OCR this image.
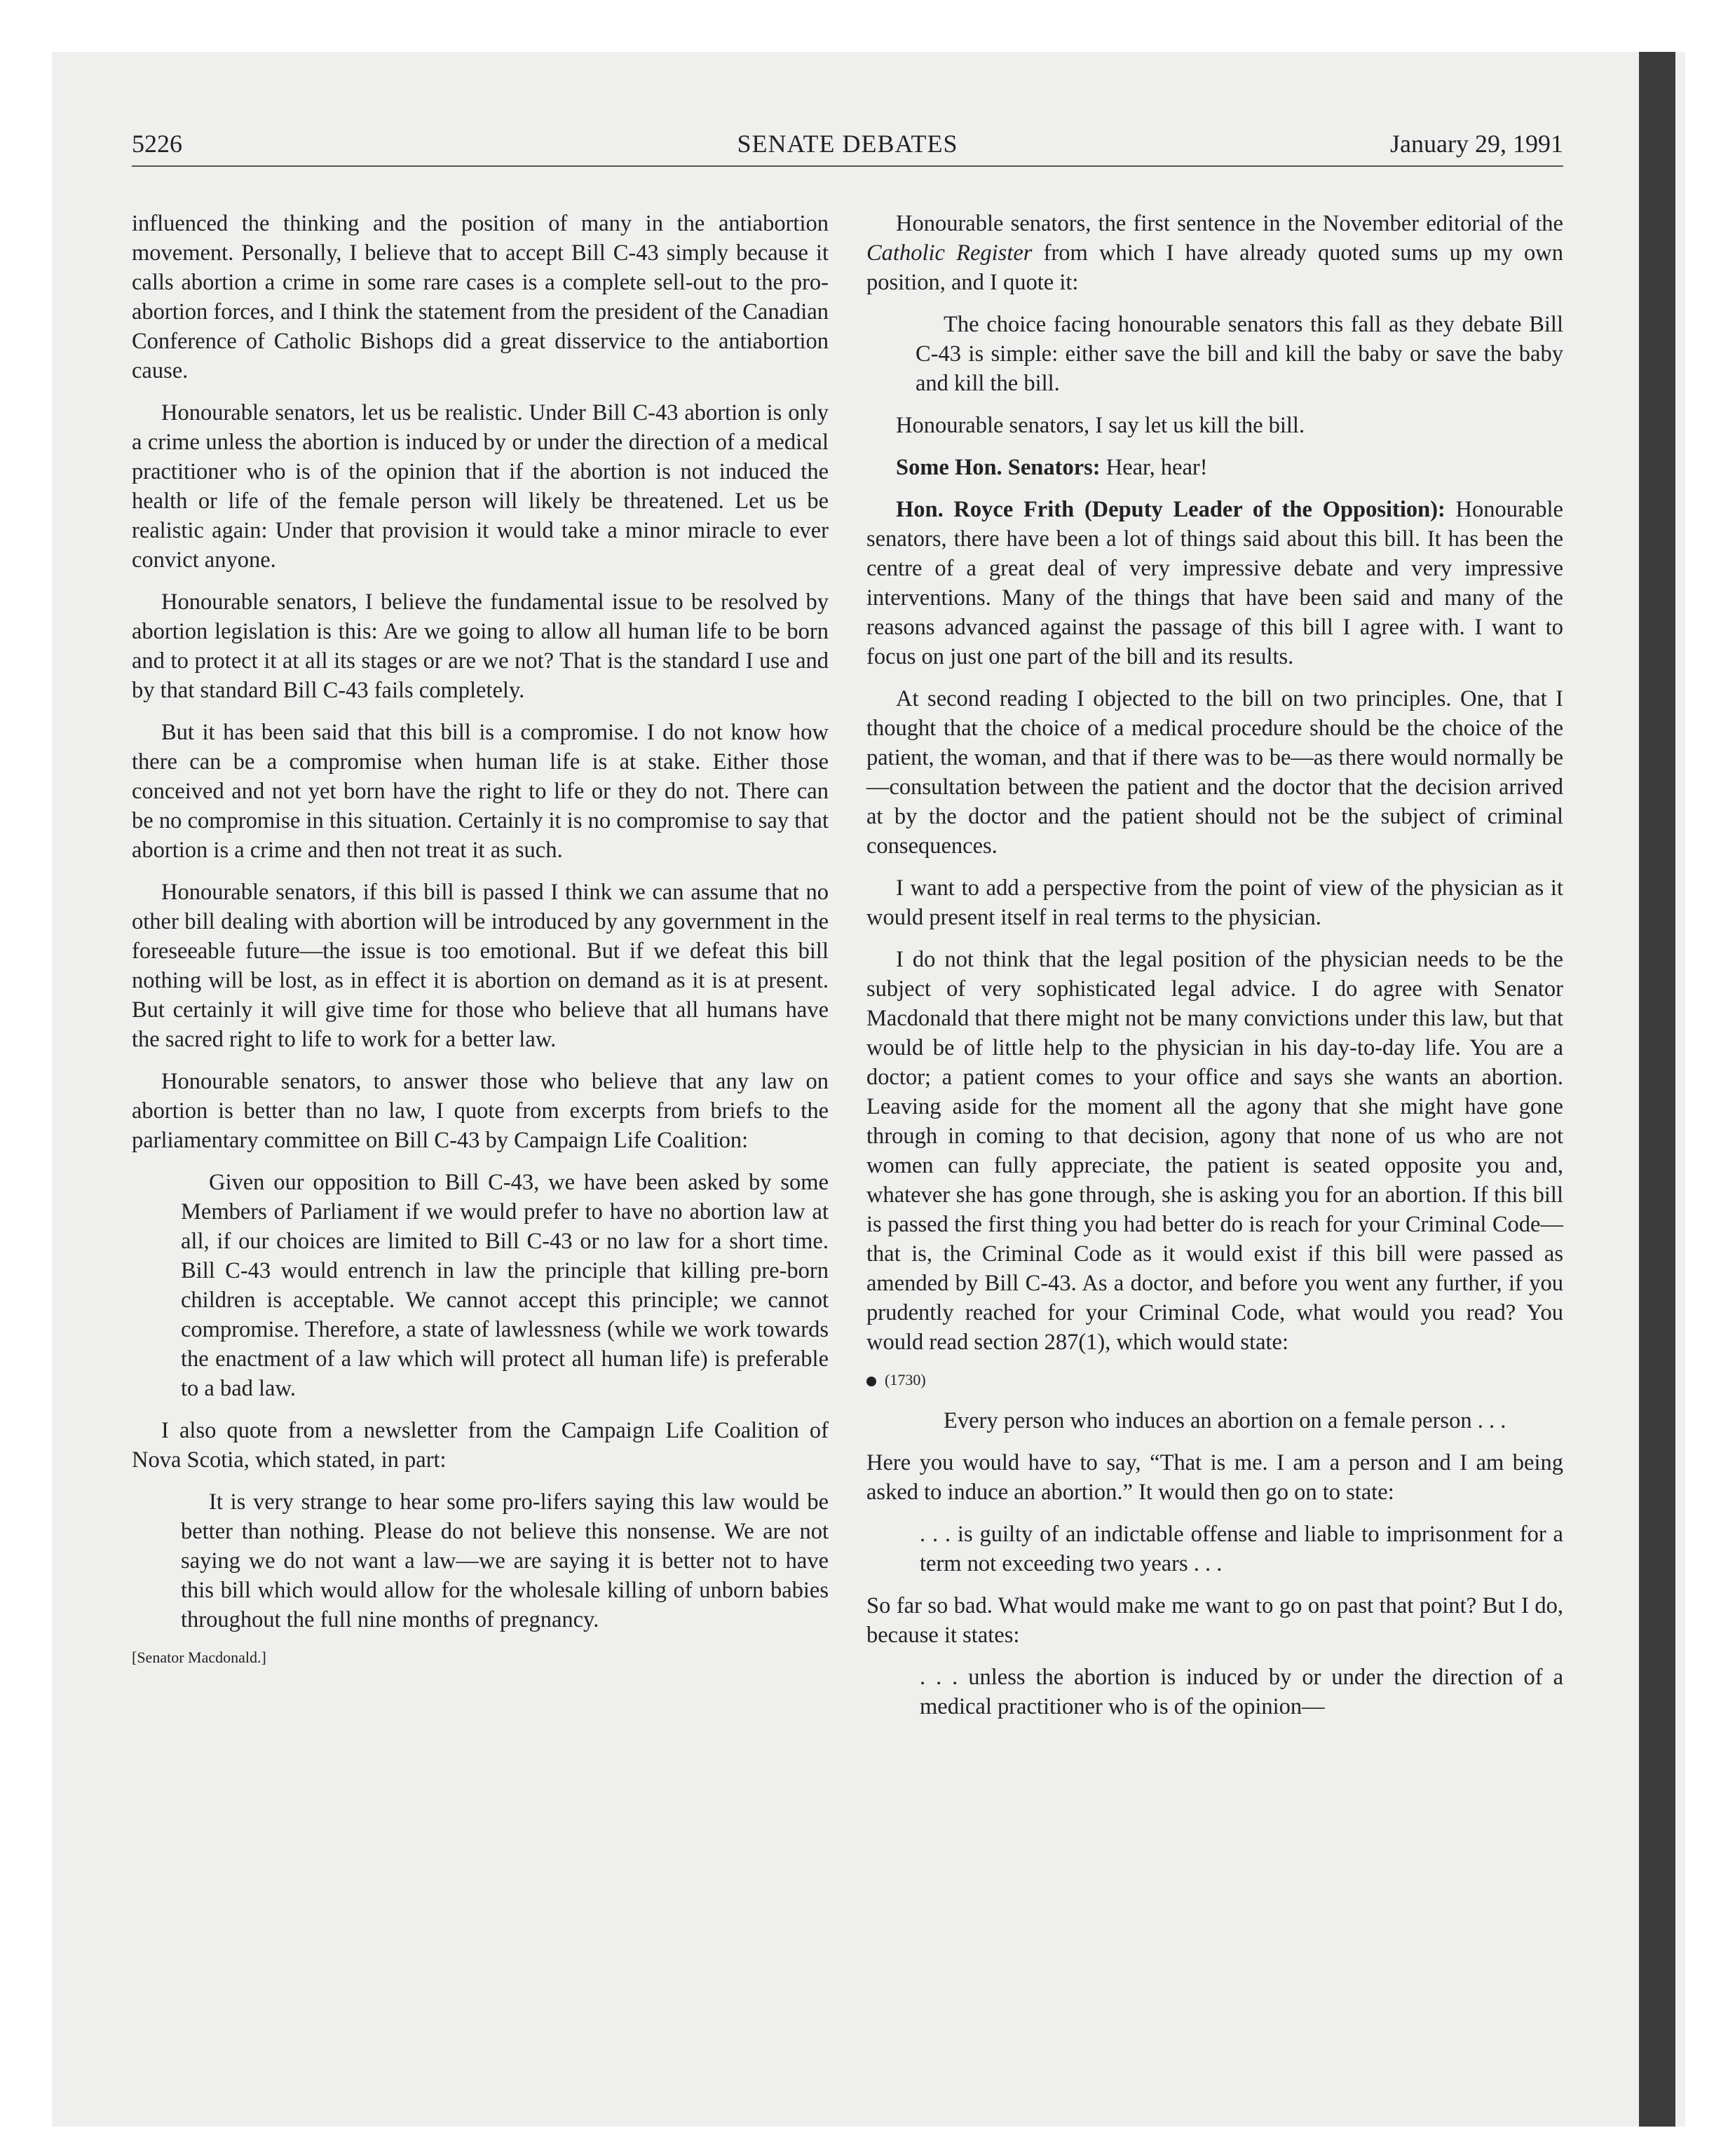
5226	SENATE DEBATES	January 29, 1991

influenced the thinking and the position of many in the antiabortion movement. Personally, I believe that to accept Bill C-43 simply because it calls abortion a crime in some rare cases is a complete sell-out to the pro-abortion forces, and I think the statement from the president of the Canadian Conference of Catholic Bishops did a great disservice to the antiabortion cause.

Honourable senators, let us be realistic. Under Bill C-43 abortion is only a crime unless the abortion is induced by or under the direction of a medical practitioner who is of the opinion that if the abortion is not induced the health or life of the female person will likely be threatened. Let us be realistic again: Under that provision it would take a minor miracle to ever convict anyone.

Honourable senators, I believe the fundamental issue to be resolved by abortion legislation is this: Are we going to allow all human life to be born and to protect it at all its stages or are we not? That is the standard I use and by that standard Bill C-43 fails completely.

But it has been said that this bill is a compromise. I do not know how there can be a compromise when human life is at stake. Either those conceived and not yet born have the right to life or they do not. There can be no compromise in this situation. Certainly it is no compromise to say that abortion is a crime and then not treat it as such.

Honourable senators, if this bill is passed I think we can assume that no other bill dealing with abortion will be introduced by any government in the foreseeable future—the issue is too emotional. But if we defeat this bill nothing will be lost, as in effect it is abortion on demand as it is at present. But certainly it will give time for those who believe that all humans have the sacred right to life to work for a better law.

Honourable senators, to answer those who believe that any law on abortion is better than no law, I quote from excerpts from briefs to the parliamentary committee on Bill C-43 by Campaign Life Coalition:

Given our opposition to Bill C-43, we have been asked by some Members of Parliament if we would prefer to have no abortion law at all, if our choices are limited to Bill C-43 or no law for a short time. Bill C-43 would entrench in law the principle that killing pre-born children is acceptable. We cannot accept this principle; we cannot compromise. Therefore, a state of lawlessness (while we work towards the enactment of a law which will protect all human life) is preferable to a bad law.

I also quote from a newsletter from the Campaign Life Coalition of Nova Scotia, which stated, in part:

It is very strange to hear some pro-lifers saying this law would be better than nothing. Please do not believe this nonsense. We are not saying we do not want a law—we are saying it is better not to have this bill which would allow for the wholesale killing of unborn babies throughout the full nine months of pregnancy.
[Senator Macdonald.]

Honourable senators, the first sentence in the November editorial of the Catholic Register from which I have already quoted sums up my own position, and I quote it:

The choice facing honourable senators this fall as they debate Bill C-43 is simple: either save the bill and kill the baby or save the baby and kill the bill.

Honourable senators, I say let us kill the bill.

Some Hon. Senators: Hear, hear!

Hon. Royce Frith (Deputy Leader of the Opposition): Honourable senators, there have been a lot of things said about this bill. It has been the centre of a great deal of very impressive debate and very impressive interventions. Many of the things that have been said and many of the reasons advanced against the passage of this bill I agree with. I want to focus on just one part of the bill and its results.

At second reading I objected to the bill on two principles. One, that I thought that the choice of a medical procedure should be the choice of the patient, the woman, and that if there was to be—as there would normally be—consultation between the patient and the doctor that the decision arrived at by the doctor and the patient should not be the subject of criminal consequences.

I want to add a perspective from the point of view of the physician as it would present itself in real terms to the physician.

I do not think that the legal position of the physician needs to be the subject of very sophisticated legal advice. I do agree with Senator Macdonald that there might not be many convictions under this law, but that would be of little help to the physician in his day-to-day life. You are a doctor; a patient comes to your office and says she wants an abortion. Leaving aside for the moment all the agony that she might have gone through in coming to that decision, agony that none of us who are not women can fully appreciate, the patient is seated opposite you and, whatever she has gone through, she is asking you for an abortion. If this bill is passed the first thing you had better do is reach for your Criminal Code—that is, the Criminal Code as it would exist if this bill were passed as amended by Bill C-43. As a doctor, and before you went any further, if you prudently reached for your Criminal Code, what would you read? You would read section 287(1), which would state:

(1730)
Every person who induces an abortion on a female person . . .

Here you would have to say, “That is me. I am a person and I am being asked to induce an abortion.” It would then go on to state:

. . . is guilty of an indictable offense and liable to imprisonment for a term not exceeding two years . . .

So far so bad. What would make me want to go on past that point? But I do, because it states:

. . . unless the abortion is induced by or under the direction of a medical practitioner who is of the opinion—
